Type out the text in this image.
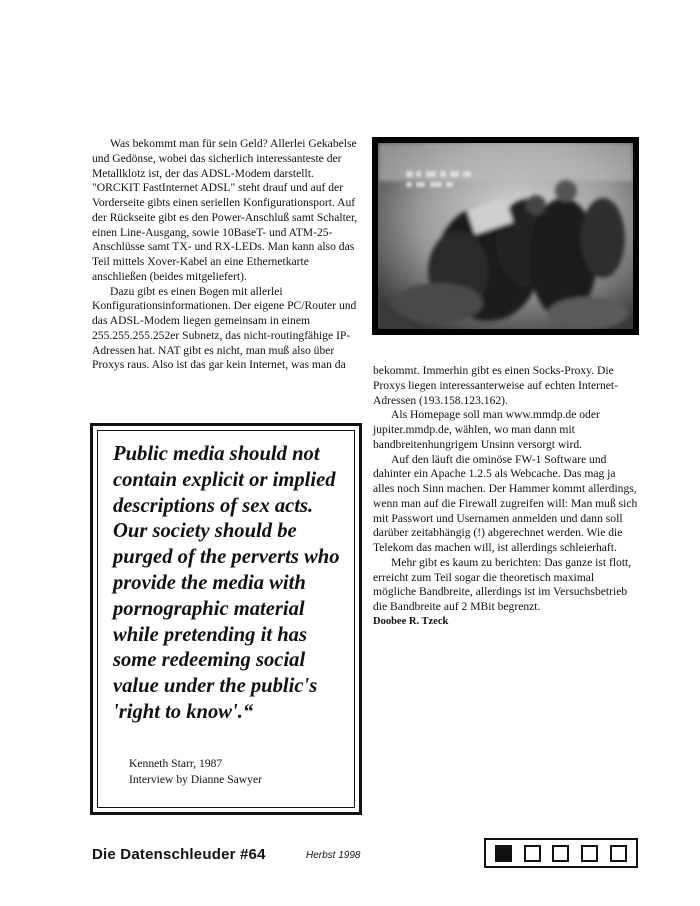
Was bekommt man für sein Geld? Allerlei Gekabelse und Gedönse, wobei das sicherlich interessanteste der Metallklotz ist, der das ADSL-Modem darstellt. "ORCKIT FastInternet ADSL" steht drauf und auf der Vorderseite gibts einen seriellen Konfigurationsport. Auf der Rückseite gibt es den Power-Anschluß samt Schalter, einen Line-Ausgang, sowie 10BaseT- und ATM-25-Anschlüsse samt TX- und RX-LEDs. Man kann also das Teil mittels Xover-Kabel an eine Ethernetkarte anschließen (beides mitgeliefert).

Dazu gibt es einen Bogen mit allerlei Konfigurationsinformationen. Der eigene PC/Router und das ADSL-Modem liegen gemeinsam in einem 255.255.255.252er Subnetz, das nicht-routingfähige IP-Adressen hat. NAT gibt es nicht, man muß also über Proxys raus. Also ist das gar kein Internet, was man da	bekommt. Immerhin gibt es einen Socks-Proxy. Die Proxys liegen interessanterweise auf echten Internet-Adressen (193.158.123.162).

Als Homepage soll man www.mmdp.de oder jupiter.mmdp.de, wählen, wo man dann mit bandbreitenhungrigem Unsinn versorgt wird.

Auf den läuft die ominöse FW-1 Software und dahinter ein Apache 1.2.5 als Webcache. Das mag ja alles noch Sinn machen. Der Hammer kommt allerdings, wenn man auf die Firewall zugreifen will: Man muß sich mit Passwort und Usernamen anmelden und dann soll darüber zeitabhängig (!) abgerechnet werden. Wie die Telekom das machen will, ist allerdings schleierhaft.

Mehr gibt es kaum zu berichten: Das ganze ist flott, erreicht zum Teil sogar die theoretisch maximal mögliche Bandbreite, allerdings ist im Versuchsbetrieb die Bandbreite auf 2 MBit begrenzt.

Doobee R. Tzeck

Public media should not contain explicit or implied descriptions of sex acts. Our society should be purged of the perverts who provide the media with pornographic material while pretending it has some redeeming social value under the public's 'right to know'.“
Kenneth Starr, 1987
Interview by Dianne Sawyer
Die Datenschleuder #64	Herbst 1998
